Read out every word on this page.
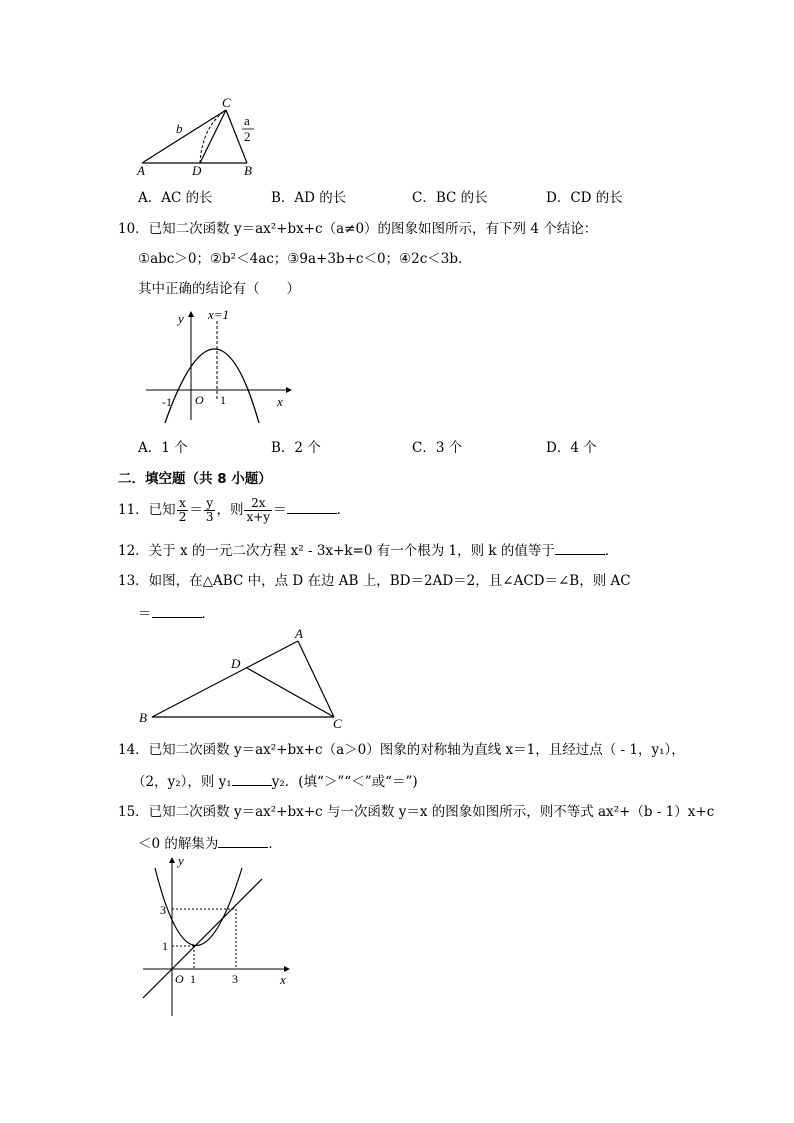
C
a
2
b
A	D	B
A．AC 的长	B．AD 的长	C．BC 的长	D．CD 的长
10．已知二次函数 y＝ax²+bx+c（a≠0）的图象如图所示，有下列 4 个结论：
①abc＞0；②b²＜4ac；③9a+3b+c＜0；④2c＜3b．
其中正确的结论有（　　）
y x=1
-1 O 1	x
A．1 个	B．2 个	C．3 个	D．4 个
二．填空题（共 8 小题）
11．已知 $\frac{x}{2} = \frac{y}{3}$ ，则 $\frac{2x}{x+y}$ ＝	．
12．关于 x 的一元二次方程 x² - 3x+k=0 有一个根为 1，则 k 的值等于	．
13．如图，在△ABC 中，点 D 在边 AB 上，BD＝2AD＝2，且∠ACD＝∠B，则 AC
＝	．
A
D
B	C
14．已知二次函数 y＝ax²+bx+c（a＞0）图象的对称轴为直线 x＝1，且经过点（ - 1，y₁），
（2，y₂），则 y₁	y₂．(填“＞”“＜”或“＝”)
15．已知二次函数 y＝ax²+bx+c 与一次函数 y＝x 的图象如图所示，则不等式 ax²+（b - 1）x+c
＜0 的解集为	．
y
3
1
O 1	3	x
